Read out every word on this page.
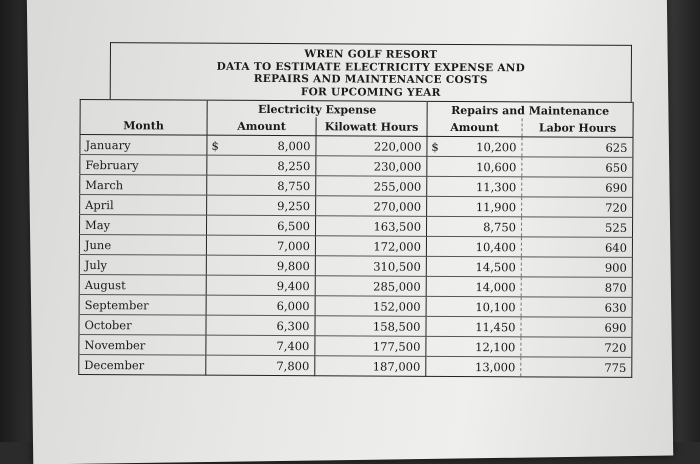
WREN GOLF RESORT
DATA TO ESTIMATE ELECTRICITY EXPENSE AND
REPAIRS AND MAINTENANCE COSTS
FOR UPCOMING YEAR
	Electricity Expense		Repairs and Maintenance	
Month	Amount	Kilowatt Hours	Amount	Labor Hours
January	$ 8,000	220,000	$ 10,200	625
February	8,250	230,000	10,600	650
March	8,750	255,000	11,300	690
April	9,250	270,000	11,900	720
May	6,500	163,500	8,750	525
June	7,000	172,000	10,400	640
July	9,800	310,500	14,500	900
August	9,400	285,000	14,000	870
September	6,000	152,000	10,100	630
October	6,300	158,500	11,450	690
November	7,400	177,500	12,100	720
December	7,800	187,000	13,000	775
